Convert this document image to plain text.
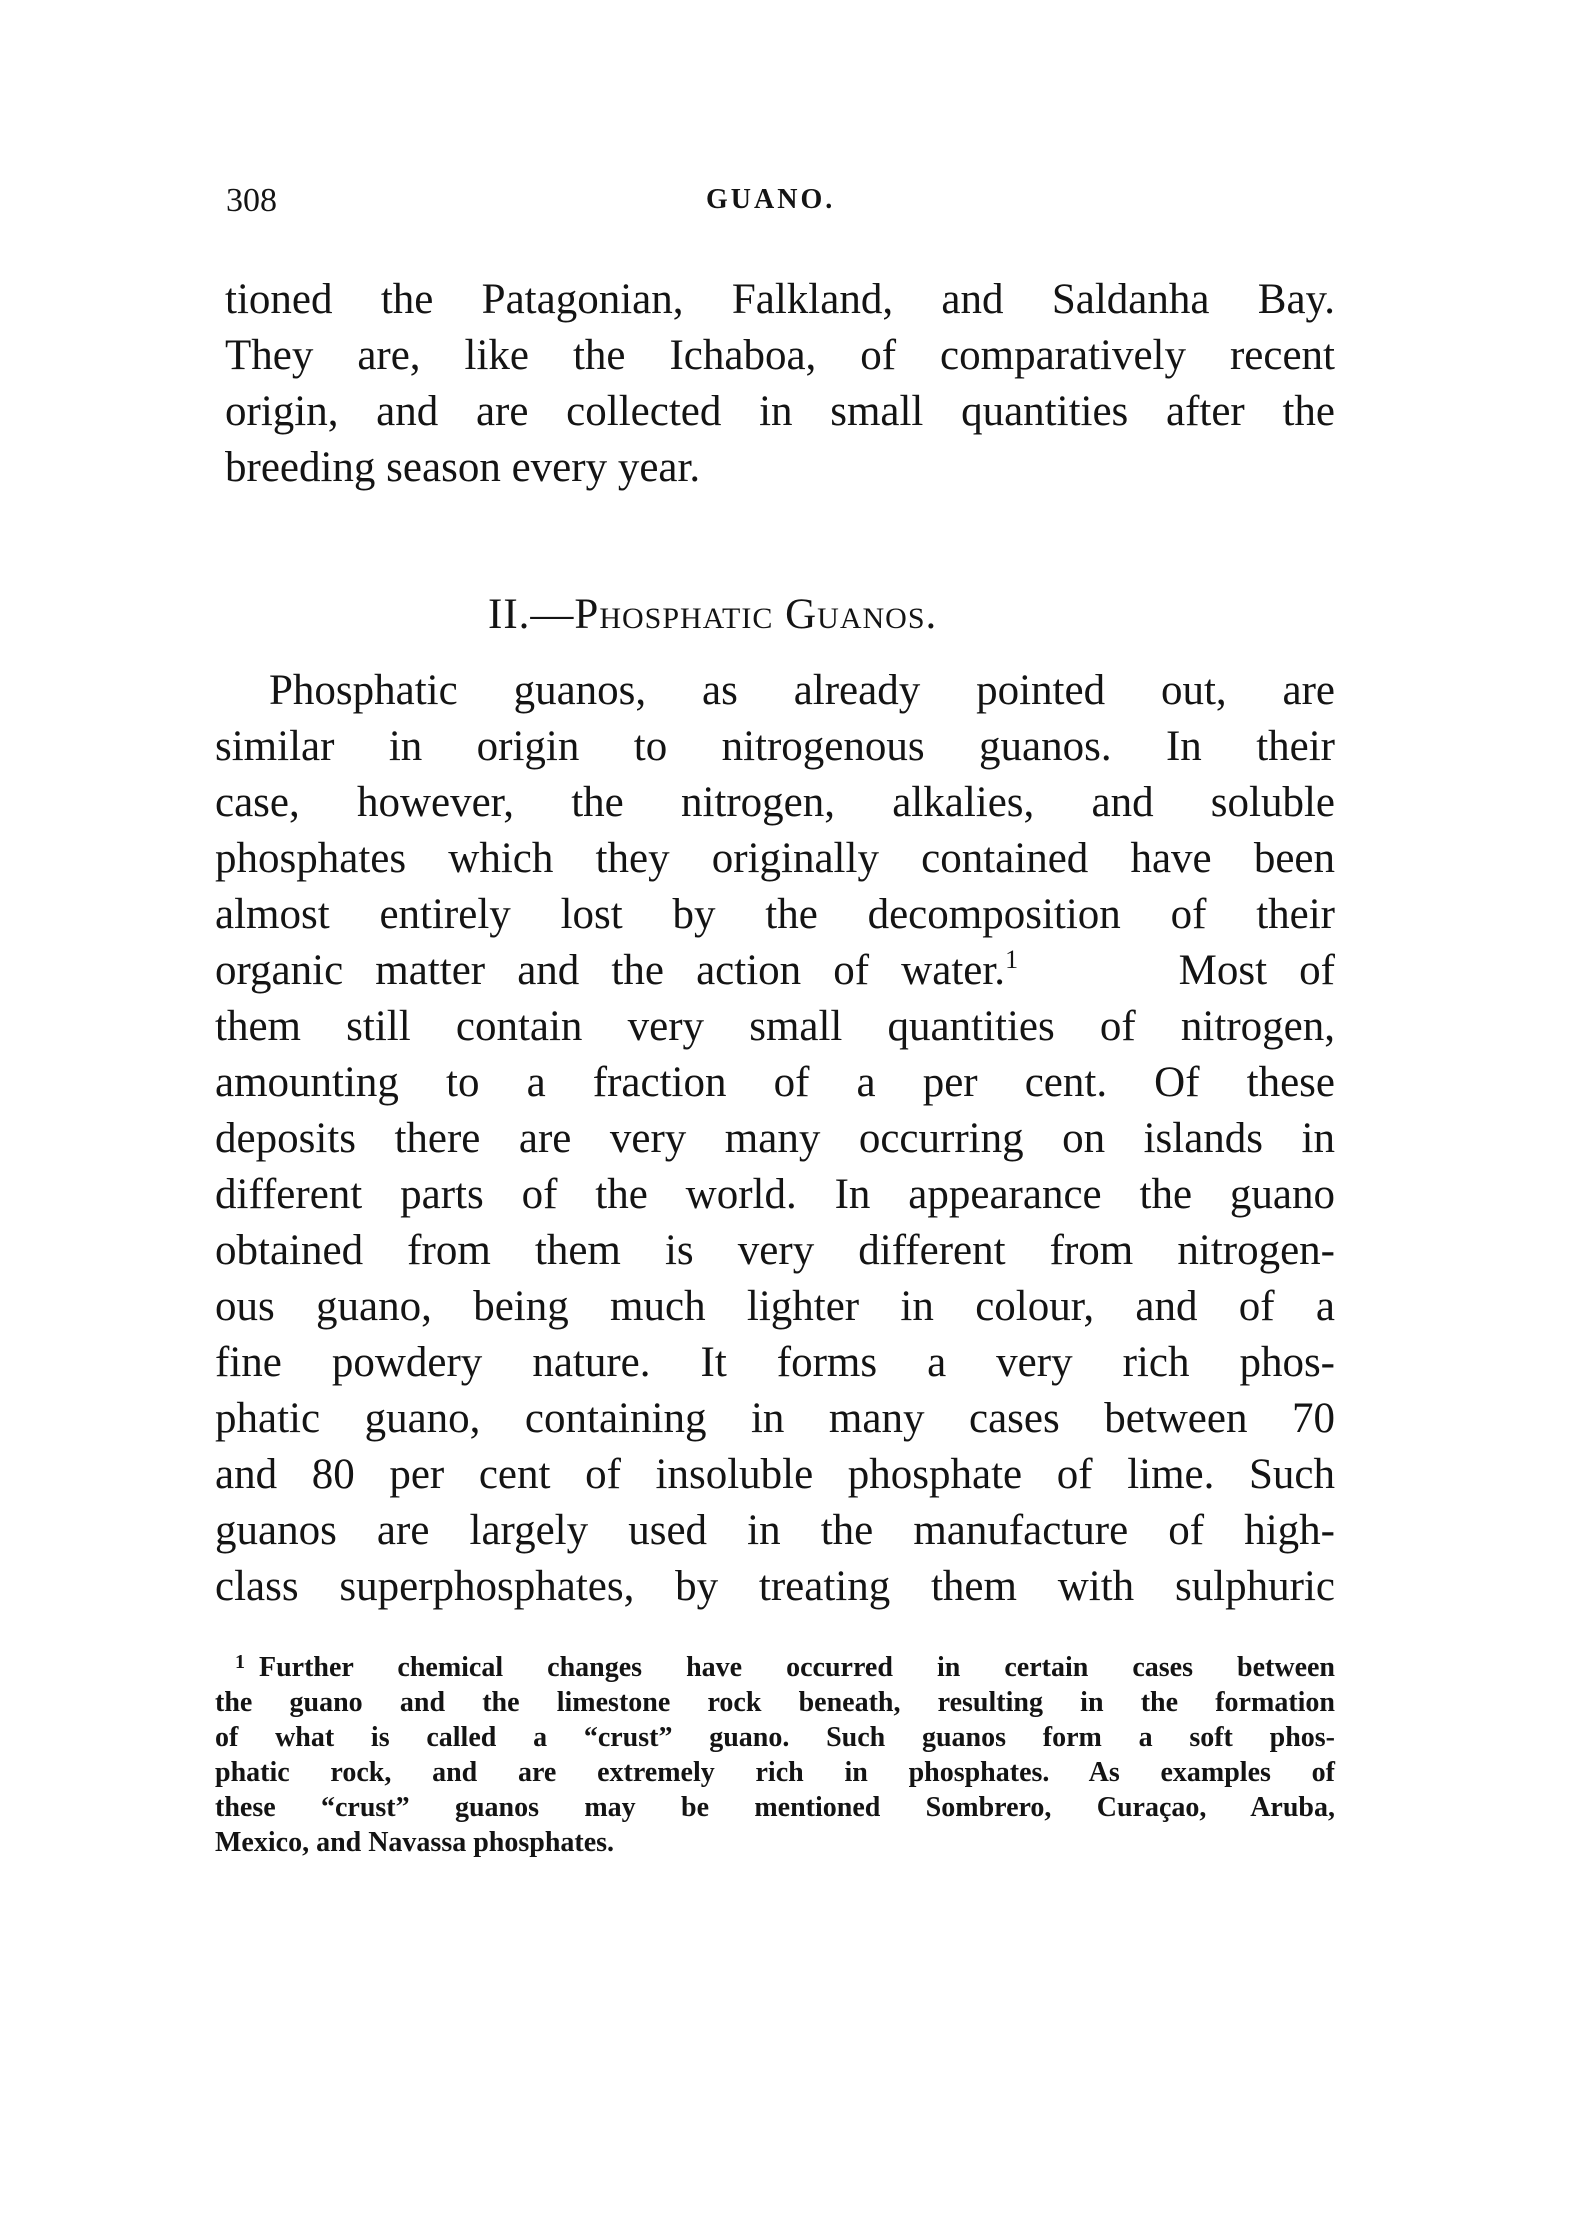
308	GUANO.
tioned the Patagonian, Falkland, and Saldanha Bay.
They are, like the Ichaboa, of comparatively recent
origin, and are collected in small quantities after the
breeding season every year.
II.—Phosphatic Guanos.
Phosphatic guanos, as already pointed out, are
similar in origin to nitrogenous guanos. In their
case, however, the nitrogen, alkalies, and soluble
phosphates which they originally contained have been
almost entirely lost by the decomposition of their
organic matter and the action of water.$^1$	Most of
them still contain very small quantities of nitrogen,
amounting to a fraction of a per cent. Of these
deposits there are very many occurring on islands in
different parts of the world. In appearance the guano
obtained from them is very different from nitrogen-
ous guano, being much lighter in colour, and of a
fine powdery nature. It forms a very rich phos-
phatic guano, containing in many cases between 70
and 80 per cent of insoluble phosphate of lime. Such
guanos are largely used in the manufacture of high-
class superphosphates, by treating them with sulphuric
$^1$ Further chemical changes have occurred in certain cases between
the guano and the limestone rock beneath, resulting in the formation
of what is called a “crust” guano. Such guanos form a soft phos-
phatic rock, and are extremely rich in phosphates. As examples of
these “crust” guanos may be mentioned Sombrero, Curaçao, Aruba,
Mexico, and Navassa phosphates.
